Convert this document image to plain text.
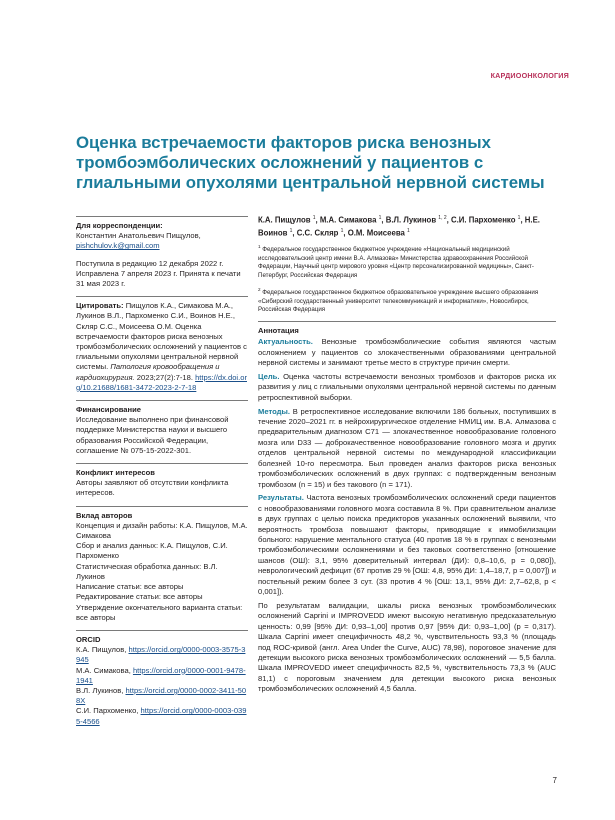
КАРДИООНКОЛОГИЯ
Оценка встречаемости факторов риска венозных тромбоэмболических осложнений у пациентов с глиальными опухолями центральной нервной системы

Для корреспонденции:

Константин Анатольевич Пищулов,

pishchulov.k@gmail.com

Поступила в редакцию 12 декабря 2022 г. Исправлена 7 апреля 2023 г. Принята к печати 31 мая 2023 г.

Цитировать: Пищулов К.А., Симакова М.А., Лукинов В.Л., Пархоменко С.И., Воинов Н.Е., Скляр С.С., Моисеева О.М. Оценка встречаемости факторов риска венозных тромбоэмболических осложнений у пациентов с глиальными опухолями центральной нервной системы. Патология кровообращения и кардиохирургия. 2023;27(2):7-18. https://dx.doi.org/10.21688/1681-3472-2023-2-7-18

Финансирование

Исследование выполнено при финансовой поддержке Министерства науки и высшего образования Российской Федерации, соглашение № 075-15-2022-301.

Конфликт интересов

Авторы заявляют об отсутствии конфликта интересов.

Вклад авторов

Концепция и дизайн работы: К.А. Пищулов, М.А. Симакова

Сбор и анализ данных: К.А. Пищулов, С.И. Пархоменко

Статистическая обработка данных: В.Л. Лукинов

Написание статьи: все авторы

Редактирование статьи: все авторы

Утверждение окончательного варианта статьи: все авторы

ORCID

К.А. Пищулов, https://orcid.org/0000-0003-3575-3945

М.А. Симакова, https://orcid.org/0000-0001-9478-1941

В.Л. Лукинов, https://orcid.org/0000-0002-3411-508X

С.И. Пархоменко, https://orcid.org/0000-0003-0395-4566

К.А. Пищулов $^1$, М.А. Симакова $^1$, В.Л. Лукинов $^{1, 2}$, С.И. Пархоменко $^1$, Н.Е. Воинов $^1$, С.С. Скляр $^1$, О.М. Моисеева $^1$

$^1$ Федеральное государственное бюджетное учреждение «Национальный медицинский исследовательский центр имени В.А. Алмазова» Министерства здравоохранения Российской Федерации, Научный центр мирового уровня «Центр персонализированной медицины», Санкт-Петербург, Российская Федерация

$^2$ Федеральное государственное бюджетное образовательное учреждение высшего образования «Сибирский государственный университет телекоммуникаций и информатики», Новосибирск, Российская Федерация

Аннотация

Актуальность. Венозные тромбоэмболические события являются частым осложнением у пациентов со злокачественными образованиями центральной нервной системы и занимают третье место в структуре причин смерти.

Цель. Оценка частоты встречаемости венозных тромбозов и факторов риска их развития у лиц с глиальными опухолями центральной нервной системы по данным ретроспективной выборки.

Методы. В ретроспективное исследование включили 186 больных, поступивших в течение 2020–2021 гг. в нейрохирургическое отделение НМИЦ им. В.А. Алмазова с предварительным диагнозом С71 — злокачественное новообразование головного мозга или D33 — доброкачественное новообразование головного мозга и других отделов центральной нервной системы по международной классификации болезней 10-го пересмотра. Был проведен анализ факторов риска венозных тромбоэмболических осложнений в двух группах: с подтвержденным венозным тромбозом (n = 15) и без такового (n = 171).

Результаты. Частота венозных тромбоэмболических осложнений среди пациентов с новообразованиями головного мозга составила 8 %. При сравнительном анализе в двух группах с целью поиска предикторов указанных осложнений выявили, что вероятность тромбоза повышают факторы, приводящие к иммобилизации больного: нарушение ментального статуса (40 против 18 % в группах с венозными тромбоэмболическими осложнениями и без таковых соответственно [отношение шансов (ОШ): 3,1, 95% доверительный интервал (ДИ): 0,8–10,6, p = 0,080]), неврологический дефицит (67 против 29 % [ОШ: 4,8, 95% ДИ: 1,4–18,7, p = 0,007]) и постельный режим более 3 сут. (33 против 4 % [ОШ: 13,1, 95% ДИ: 2,7–62,8, p < 0,001]).

По результатам валидации, шкалы риска венозных тромбоэмболических осложнений Caprini и IMPROVEDD имеют высокую негативную предсказательную ценность: 0,99 [95% ДИ: 0,93–1,00] против 0,97 [95% ДИ: 0,93–1,00] (p = 0,317). Шкала Caprini имеет специфичность 48,2 %, чувствительность 93,3 % (площадь под ROC-кривой (англ. Area Under the Curve, AUC) 78,98), пороговое значение для детекции высокого риска венозных тромбоэмболических осложнений — 5,5 балла. Шкала IMPROVEDD имеет специфичность 82,5 %, чувствительность 73,3 % (AUC 81,1) с пороговым значением для детекции высокого риска венозных тромбоэмболических осложнений 4,5 балла.

7
